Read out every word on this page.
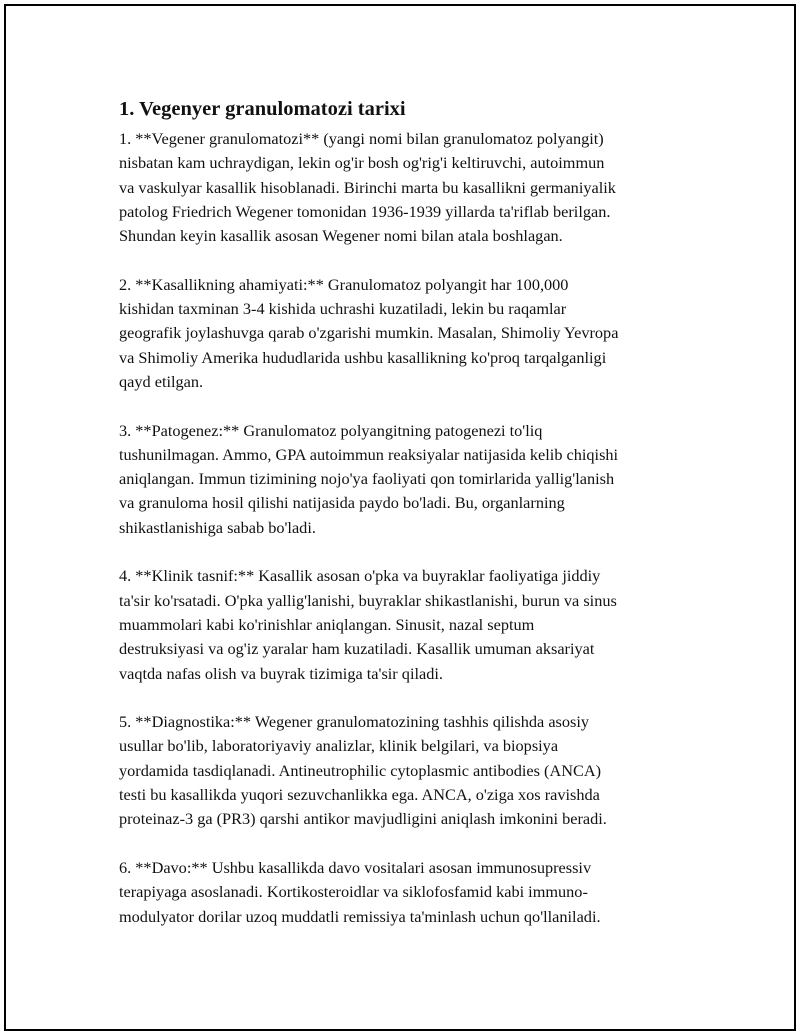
1. Vegenyer granulomatozi tarixi
1. **Vegener granulomatozi** (yangi nomi bilan granulomatoz polyangit)
nisbatan kam uchraydigan, lekin og'ir bosh og'rig'i keltiruvchi, autoimmun
va vaskulyar kasallik hisoblanadi. Birinchi marta bu kasallikni germaniyalik
patolog Friedrich Wegener tomonidan 1936-1939 yillarda ta'riflab berilgan.
Shundan keyin kasallik asosan Wegener nomi bilan atala boshlagan.
2. **Kasallikning ahamiyati:** Granulomatoz polyangit har 100,000
kishidan taxminan 3-4 kishida uchrashi kuzatiladi, lekin bu raqamlar
geografik joylashuvga qarab o'zgarishi mumkin. Masalan, Shimoliy Yevropa
va Shimoliy Amerika hududlarida ushbu kasallikning ko'proq tarqalganligi
qayd etilgan.
3. **Patogenez:** Granulomatoz polyangitning patogenezi to'liq
tushunilmagan. Ammo, GPA autoimmun reaksiyalar natijasida kelib chiqishi
aniqlangan. Immun tizimining nojo'ya faoliyati qon tomirlarida yallig'lanish
va granuloma hosil qilishi natijasida paydo bo'ladi. Bu, organlarning
shikastlanishiga sabab bo'ladi.
4. **Klinik tasnif:** Kasallik asosan o'pka va buyraklar faoliyatiga jiddiy
ta'sir ko'rsatadi. O'pka yallig'lanishi, buyraklar shikastlanishi, burun va sinus
muammolari kabi ko'rinishlar aniqlangan. Sinusit, nazal septum
destruksiyasi va og'iz yaralar ham kuzatiladi. Kasallik umuman aksariyat
vaqtda nafas olish va buyrak tizimiga ta'sir qiladi.
5. **Diagnostika:** Wegener granulomatozining tashhis qilishda asosiy
usullar bo'lib, laboratoriyaviy analizlar, klinik belgilari, va biopsiya
yordamida tasdiqlanadi. Antineutrophilic cytoplasmic antibodies (ANCA)
testi bu kasallikda yuqori sezuvchanlikka ega. ANCA, o'ziga xos ravishda
proteinaz-3 ga (PR3) qarshi antikor mavjudligini aniqlash imkonini beradi.
6. **Davo:** Ushbu kasallikda davo vositalari asosan immunosupressiv
terapiyaga asoslanadi. Kortikosteroidlar va siklofosfamid kabi immuno-
modulyator dorilar uzoq muddatli remissiya ta'minlash uchun qo'llaniladi.
